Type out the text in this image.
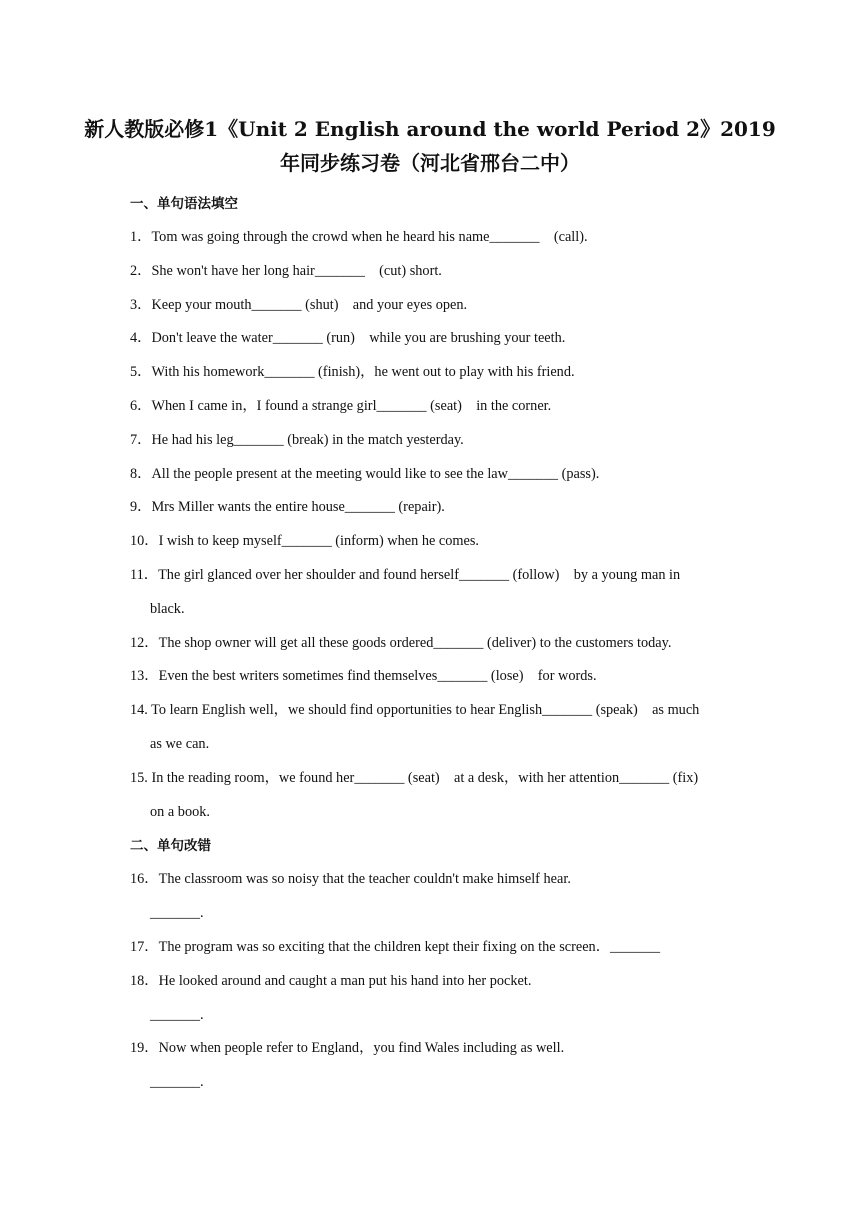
新人教版必修1《Unit 2 English around the world Period 2》2019
年同步练习卷（河北省邢台二中）
一、单句语法填空
1．Tom was going through the crowd when he heard his name_______　(call).
2．She won't have her long hair_______　(cut) short.
3．Keep your mouth_______ (shut)　and your eyes open.
4．Don't leave the water_______ (run)　while you are brushing your teeth.
5．With his homework_______ (finish)，he went out to play with his friend.
6．When I came in，I found a strange girl_______ (seat)　in the corner.
7．He had his leg_______ (break) in the match yesterday.
8．All the people present at the meeting would like to see the law_______ (pass).
9．Mrs Miller wants the entire house_______ (repair).
10．I wish to keep myself_______ (inform) when he comes.
11．The girl glanced over her shoulder and found herself_______ (follow)　by a young man in
black.
12．The shop owner will get all these goods ordered_______ (deliver) to the customers today.
13．Even the best writers sometimes find themselves_______ (lose)　for words.
14. To learn English well，we should find opportunities to hear English_______ (speak)　as much
as we can.
15. In the reading room，we found her_______ (seat)　at a desk，with her attention_______ (fix)
on a book.
二、单句改错
16．The classroom was so noisy that the teacher couldn't make himself hear.
_______.
17．The program was so exciting that the children kept their fixing on the screen．_______
18．He looked around and caught a man put his hand into her pocket.
_______.
19．Now when people refer to England，you find Wales including as well.
_______.
